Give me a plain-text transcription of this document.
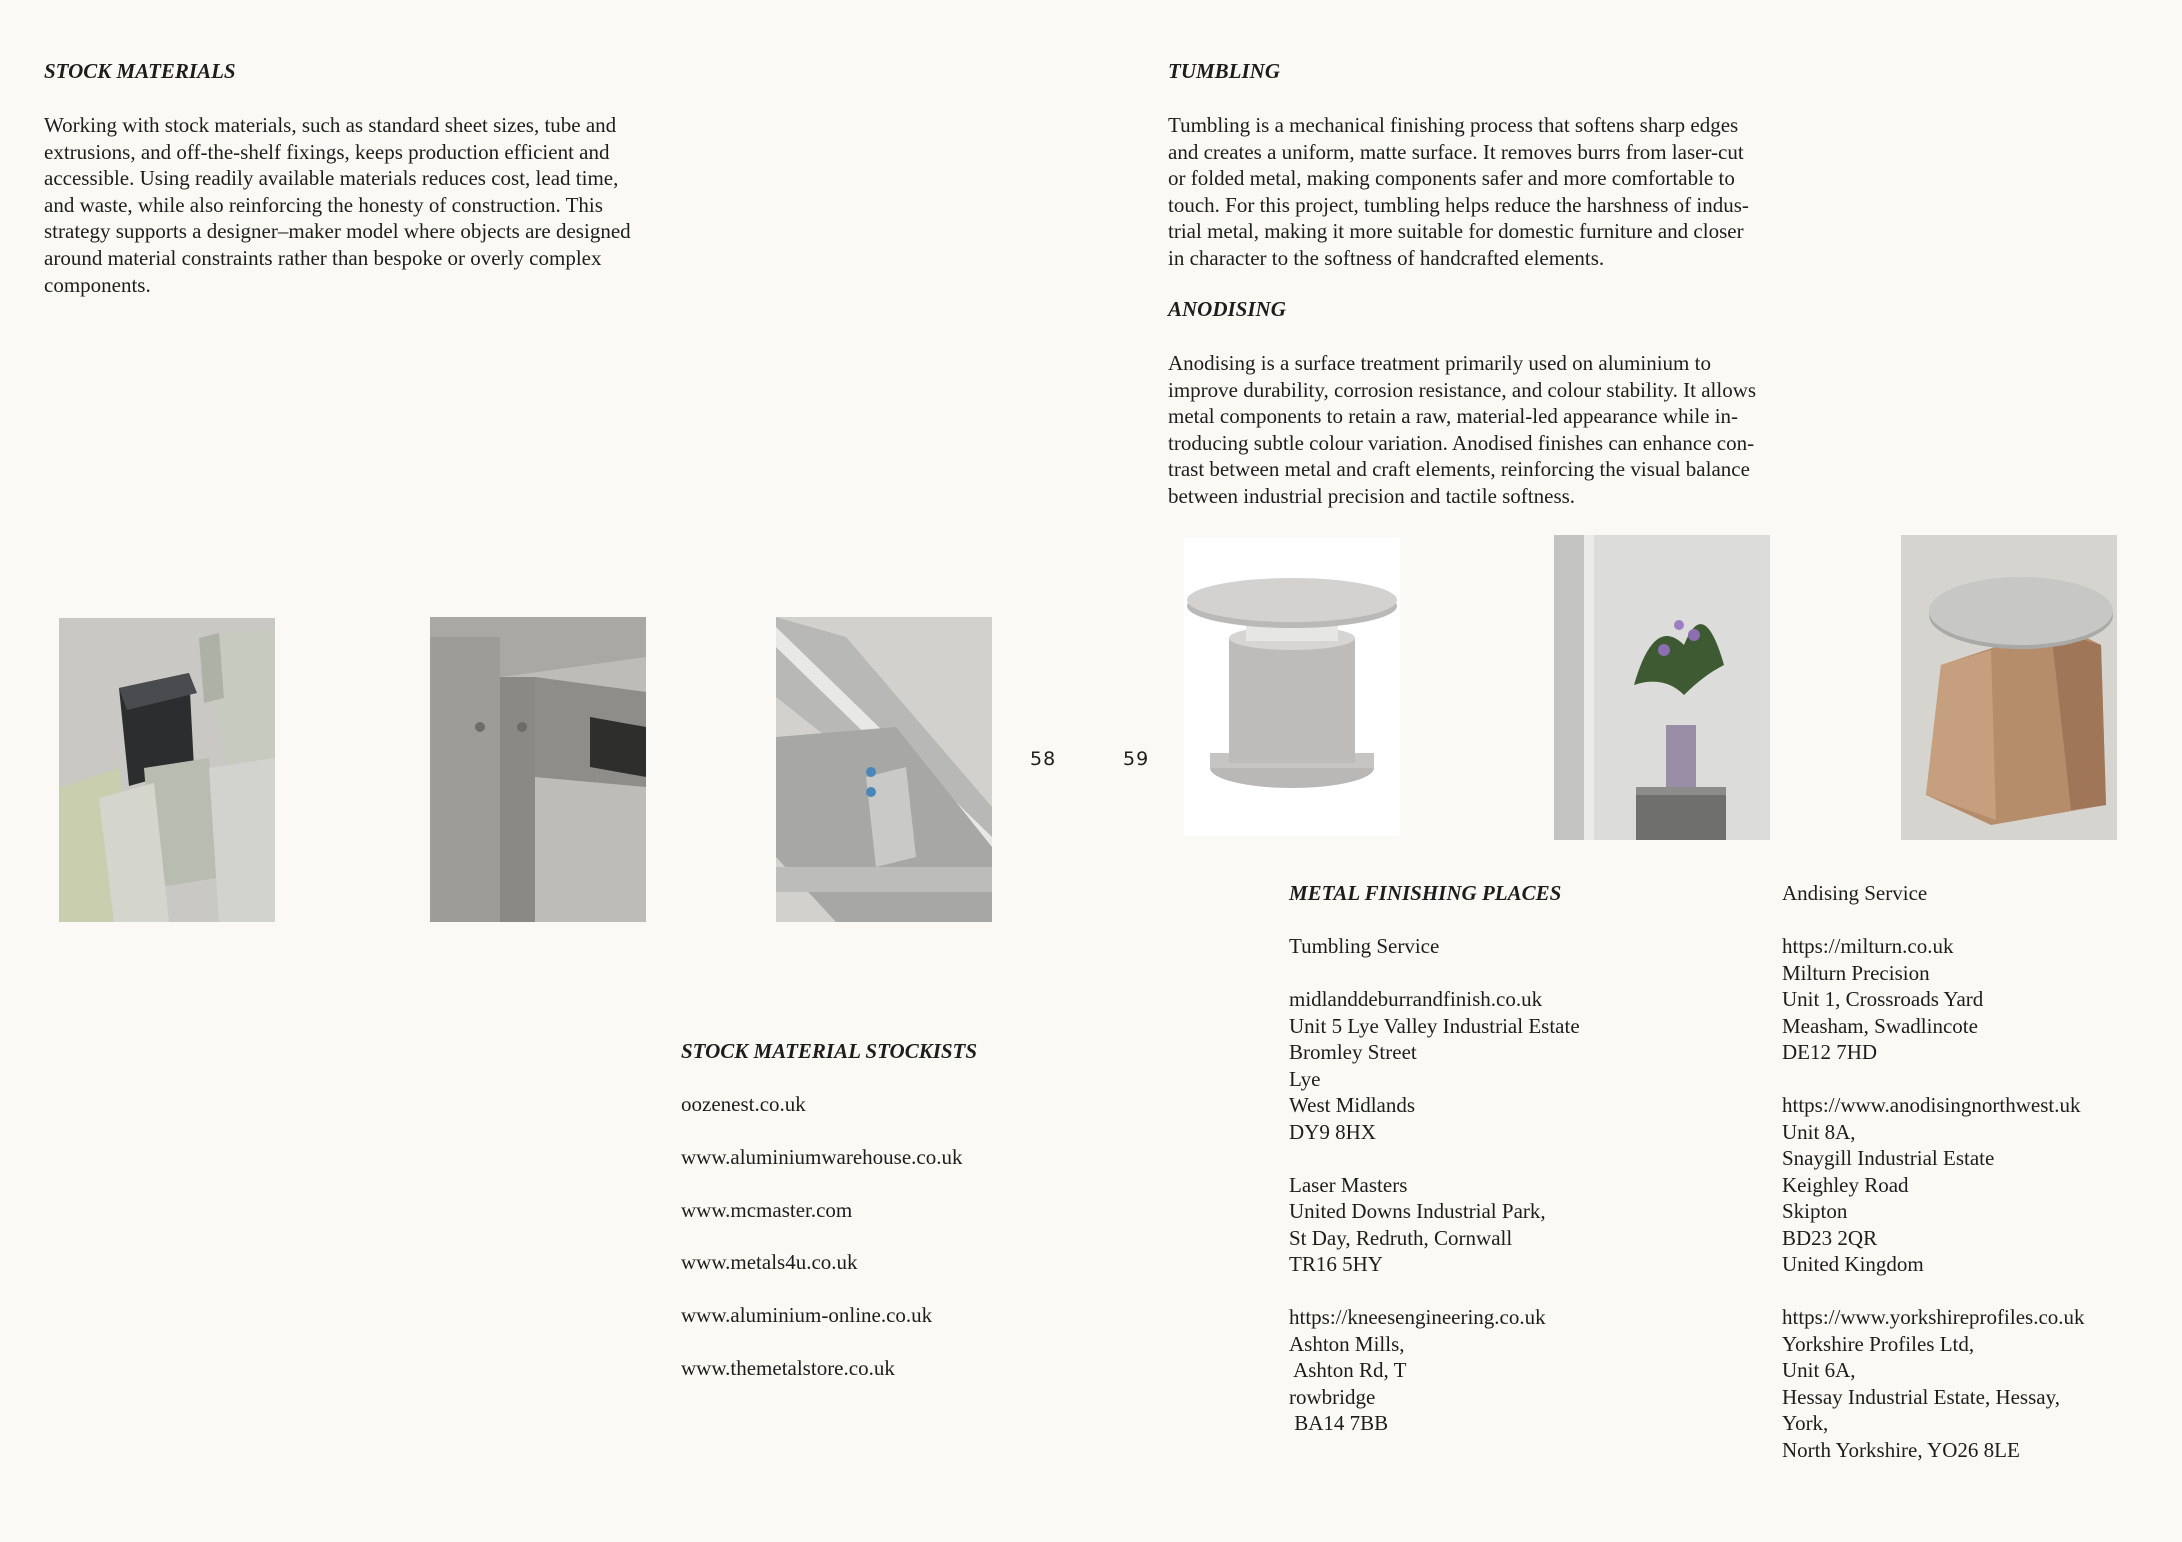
STOCK MATERIALS

Working with stock materials, such as standard sheet sizes, tube and
extrusions, and off-the-shelf fixings, keeps production efficient and
accessible. Using readily available materials reduces cost, lead time,
and waste, while also reinforcing the honesty of construction. This
strategy supports a designer–maker model where objects are designed
around material constraints rather than bespoke or overly complex
components.

58
STOCK MATERIAL STOCKISTS
oozenest.co.uk
www.aluminiumwarehouse.co.uk
www.mcmaster.com
www.metals4u.co.uk
www.aluminium-online.co.uk
www.themetalstore.co.uk
59
TUMBLING

Tumbling is a mechanical finishing process that softens sharp edges
and creates a uniform, matte surface. It removes burrs from laser-cut
or folded metal, making components safer and more comfortable to
touch. For this project, tumbling helps reduce the harshness of indus-
trial metal, making it more suitable for domestic furniture and closer
in character to the softness of handcrafted elements.

ANODISING

Anodising is a surface treatment primarily used on aluminium to
improve durability, corrosion resistance, and colour stability. It allows
metal components to retain a raw, material-led appearance while in-
troducing subtle colour variation. Anodised finishes can enhance con-
trast between metal and craft elements, reinforcing the visual balance
between industrial precision and tactile softness.

METAL FINISHING PLACES
Tumbling Service

midlanddeburrandfinish.co.uk
Unit 5 Lye Valley Industrial Estate
Bromley Street
Lye
West Midlands
DY9 8HX

Laser Masters
United Downs Industrial Park,
St Day, Redruth, Cornwall
TR16 5HY

https://kneesengineering.co.uk
Ashton Mills,
Ashton Rd, T
rowbridge
BA14 7BB
Andising Service

https://milturn.co.uk
Milturn Precision
Unit 1, Crossroads Yard
Measham, Swadlincote
DE12 7HD

https://www.anodisingnorthwest.uk
Unit 8A,
Snaygill Industrial Estate
Keighley Road
Skipton
BD23 2QR
United Kingdom

https://www.yorkshireprofiles.co.uk
Yorkshire Profiles Ltd,
Unit 6A,
Hessay Industrial Estate, Hessay,
York,
North Yorkshire, YO26 8LE
